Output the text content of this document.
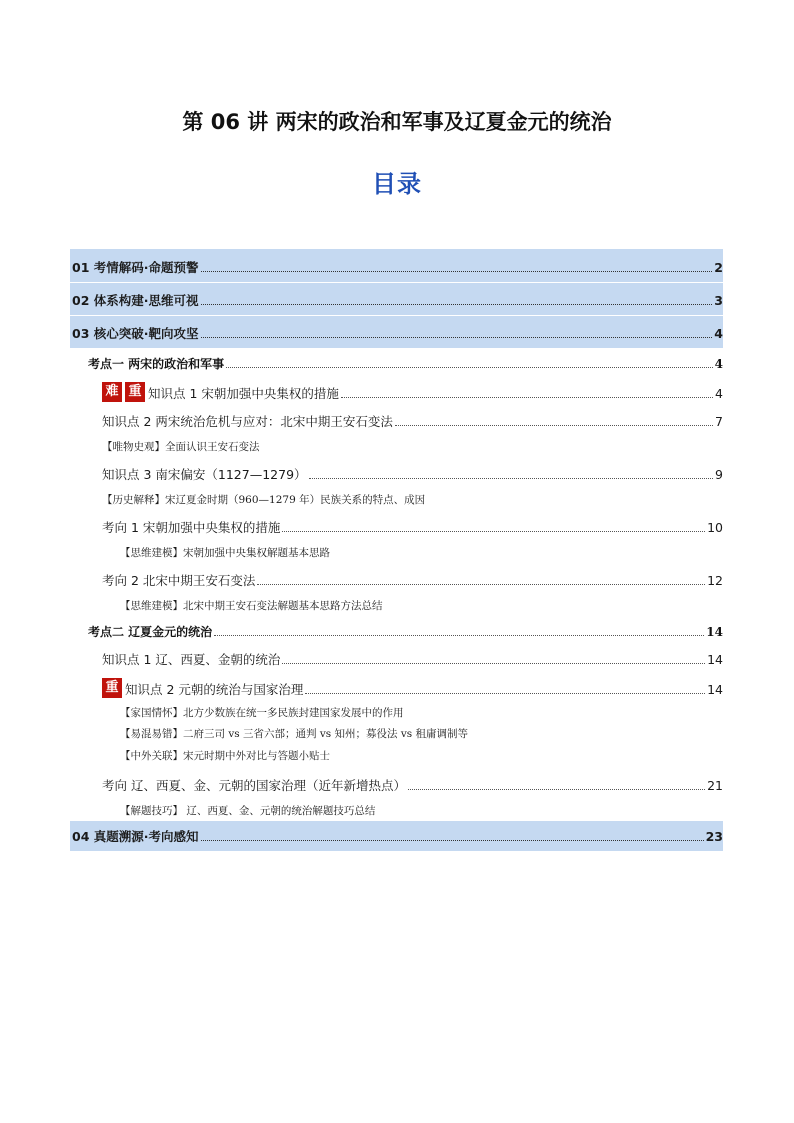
第 06 讲 两宋的政治和军事及辽夏金元的统治
目录
01 考情解码·命题预警	2
02 体系构建·思维可视	3
03 核心突破·靶向攻坚	4
考点一 两宋的政治和军事	4
难 重 知识点 1 宋朝加强中央集权的措施	4
知识点 2 两宋统治危机与应对：北宋中期王安石变法	7
【唯物史观】全面认识王安石变法
知识点 3 南宋偏安（1127—1279）	9
【历史解释】宋辽夏金时期（960—1279 年）民族关系的特点、成因
考向 1 宋朝加强中央集权的措施	10
【思维建模】宋朝加强中央集权解题基本思路
考向 2 北宋中期王安石变法	12
【思维建模】北宋中期王安石变法解题基本思路方法总结
考点二 辽夏金元的统治	14
知识点 1 辽、西夏、金朝的统治	14
重 知识点 2 元朝的统治与国家治理	14
【家国情怀】北方少数族在统一多民族封建国家发展中的作用
【易混易错】二府三司 vs 三省六部；通判 vs 知州；募役法 vs 租庸调制等
【中外关联】宋元时期中外对比与答题小贴士
考向 辽、西夏、金、元朝的国家治理（近年新增热点）	21
【解题技巧】 辽、西夏、金、元朝的统治解题技巧总结
04 真题溯源·考向感知	23
